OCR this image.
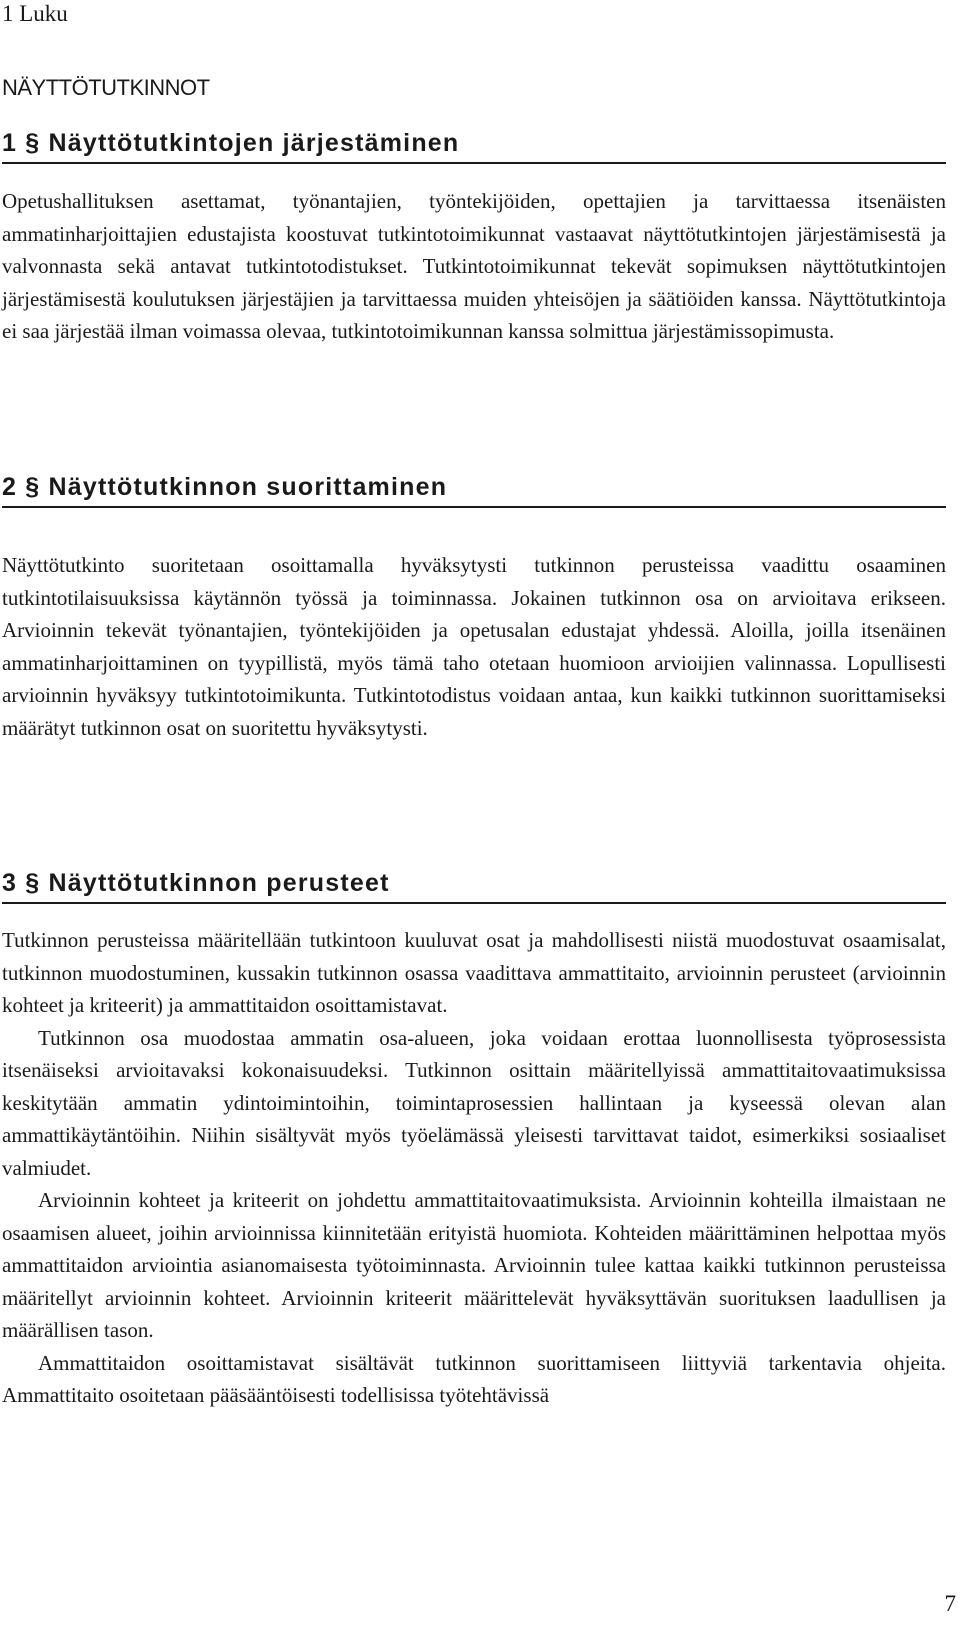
1 Luku
NÄYTTÖTUTKINNOT
1 § Näyttötutkintojen järjestäminen

Opetushallituksen asettamat, työnantajien, työntekijöiden, opettajien ja tarvittaessa itsenäisten ammatinharjoittajien edustajista koostuvat tutkintotoimikunnat vastaavat näyttötutkintojen järjestämisestä ja valvonnasta sekä antavat tutkintotodistukset. Tutkintotoimikunnat tekevät sopimuksen näyttötutkintojen järjestämisestä koulutuksen järjestäjien ja tarvittaessa muiden yhteisöjen ja säätiöiden kanssa. Näyttötutkintoja ei saa järjestää ilman voimassa olevaa, tutkintotoimikunnan kanssa solmittua järjestämissopimusta.

2 § Näyttötutkinnon suorittaminen

Näyttötutkinto suoritetaan osoittamalla hyväksytysti tutkinnon perusteissa vaadittu osaaminen tutkintotilaisuuksissa käytännön työssä ja toiminnassa. Jokainen tutkinnon osa on arvioitava erikseen. Arvioinnin tekevät työnantajien, työntekijöiden ja opetusalan edustajat yhdessä. Aloilla, joilla itsenäinen ammatinharjoittaminen on tyypillistä, myös tämä taho otetaan huomioon arvioijien valinnassa. Lopullisesti arvioinnin hyväksyy tutkintotoimikunta. Tutkintotodistus voidaan antaa, kun kaikki tutkinnon suorittamiseksi määrätyt tutkinnon osat on suoritettu hyväksytysti.

3 § Näyttötutkinnon perusteet

Tutkinnon perusteissa määritellään tutkintoon kuuluvat osat ja mahdollisesti niistä muodostuvat osaamisalat, tutkinnon muodostuminen, kussakin tutkinnon osassa vaadittava ammattitaito, arvioinnin perusteet (arvioinnin kohteet ja kriteerit) ja ammattitaidon osoittamistavat.

Tutkinnon osa muodostaa ammatin osa-alueen, joka voidaan erottaa luonnollisesta työprosessista itsenäiseksi arvioitavaksi kokonaisuudeksi. Tutkinnon osittain määritellyissä ammattitaitovaatimuksissa keskitytään ammatin ydintoimintoihin, toimintaprosessien hallintaan ja kyseessä olevan alan ammattikäytäntöihin. Niihin sisältyvät myös työelämässä yleisesti tarvittavat taidot, esimerkiksi sosiaaliset valmiudet.

Arvioinnin kohteet ja kriteerit on johdettu ammattitaitovaatimuksista. Arvioinnin kohteilla ilmaistaan ne osaamisen alueet, joihin arvioinnissa kiinnitetään erityistä huomiota. Kohteiden määrittäminen helpottaa myös ammattitaidon arviointia asianomaisesta työtoiminnasta. Arvioinnin tulee kattaa kaikki tutkinnon perusteissa määritellyt arvioinnin kohteet. Arvioinnin kriteerit määrittelevät hyväksyttävän suorituksen laadullisen ja määrällisen tason.

Ammattitaidon osoittamistavat sisältävät tutkinnon suorittamiseen liittyviä tarkentavia ohjeita. Ammattitaito osoitetaan pääsääntöisesti todellisissa työtehtävissä

7
